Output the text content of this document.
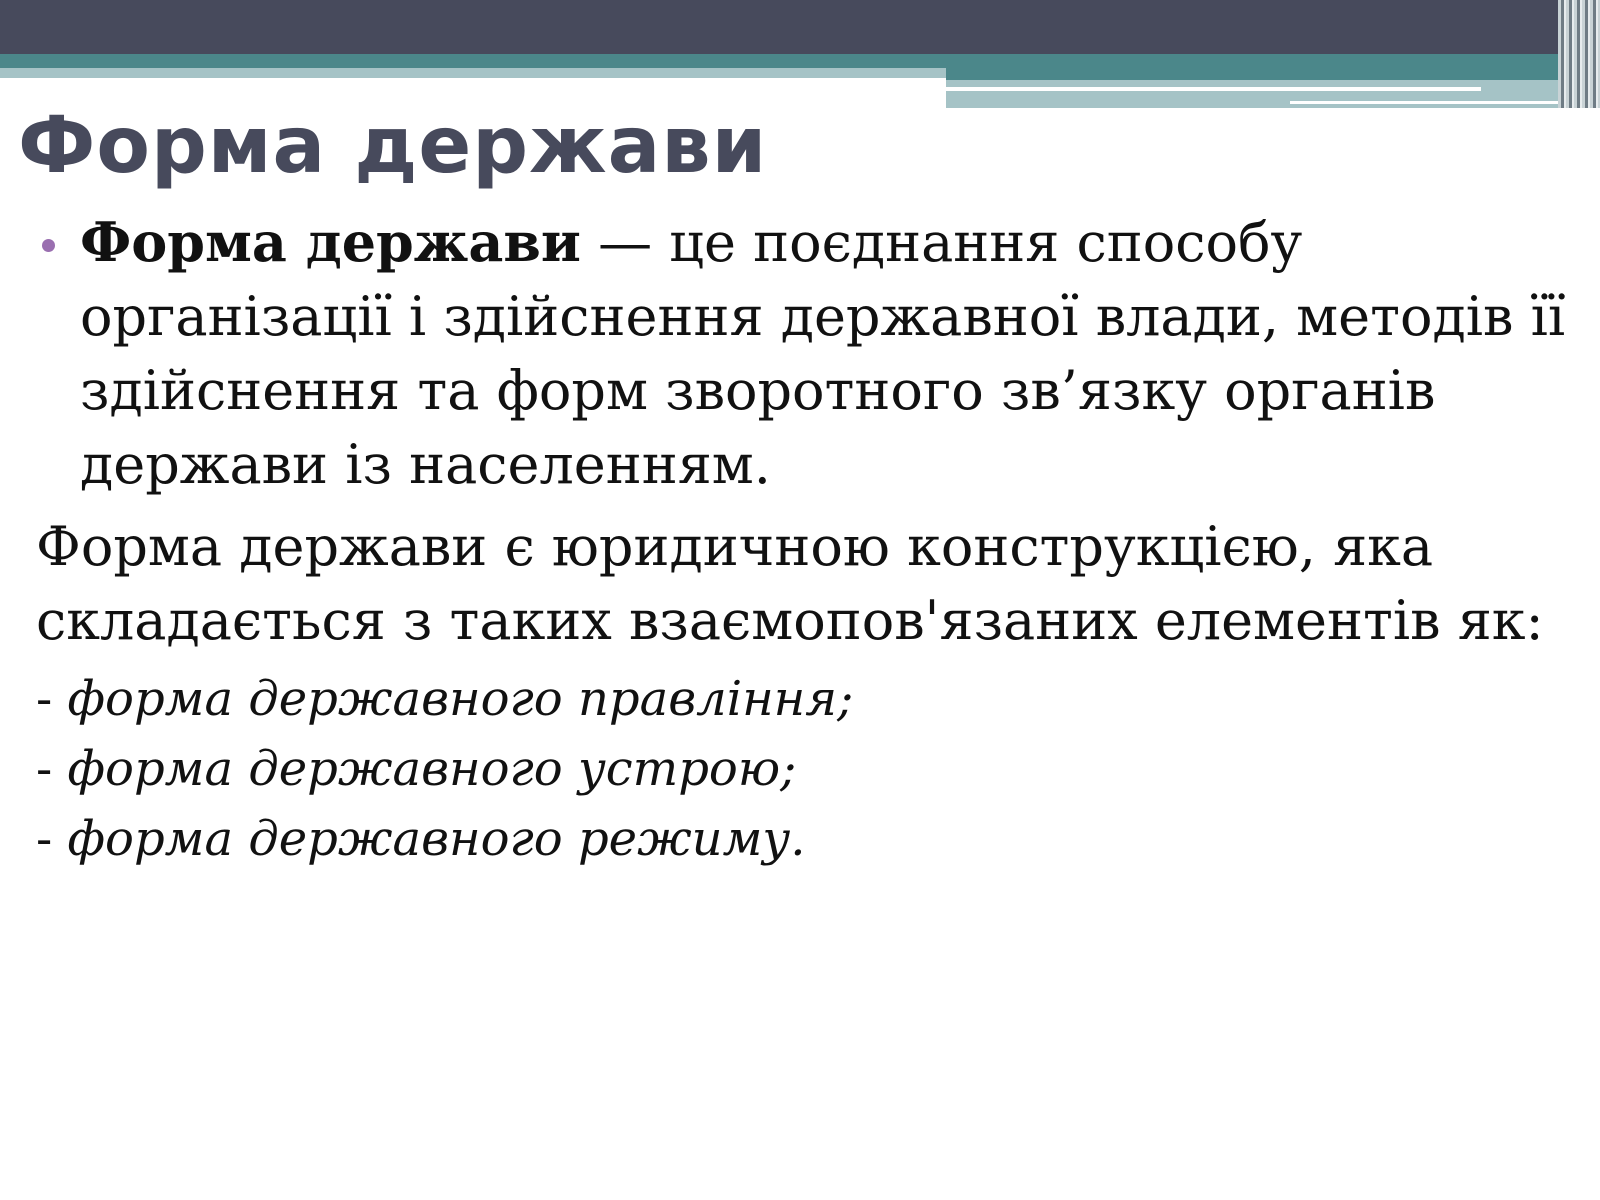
Форма держави

Форма держави — це поєднання способу організації і здійснення державної влади, методів її здійснення та форм зворотного зв’язку органів держави із населенням.

Форма держави є юридичною конструкцією, яка складається з таких взаємопов'язаних елементів як:

- форма державного правління;
- форма державного устрою;
- форма державного режиму.
